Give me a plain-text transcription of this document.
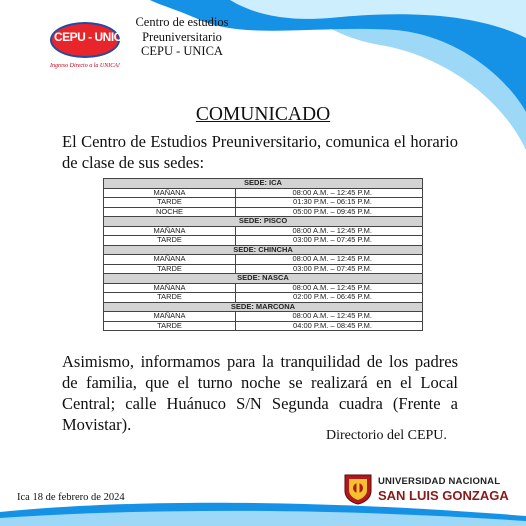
CEPU - UNICA
Ingreso Directo a la UNICA!
Centro de estudios
Preuniversitario
CEPU - UNICA
COMUNICADO
El Centro de Estudios Preuniversitario, comunica el horario de clase de sus sedes:
SEDE: ICA	
MAÑANA	08:00 A.M. – 12:45 P.M.
TARDE	01:30 P.M. – 06:15 P.M.
NOCHE	05:00 P.M. – 09:45 P.M.
SEDE: PISCO	
MAÑANA	08:00 A.M. – 12:45 P.M.
TARDE	03:00 P.M. – 07:45 P.M.
SEDE: CHINCHA	
MAÑANA	08:00 A.M. – 12:45 P.M.
TARDE	03:00 P.M. – 07:45 P.M.
SEDE: NASCA	
MAÑANA	08:00 A.M. – 12:45 P.M.
TARDE	02:00 P.M. – 06:45 P.M.
SEDE: MARCONA	
MAÑANA	08:00 A.M. – 12:45 P.M.
TARDE	04:00 P.M. – 08:45 P.M.
Asimismo, informamos para la tranquilidad de los padres de familia, que el turno noche se realizará en el Local Central; calle Huánuco S/N Segunda cuadra (Frente a Movistar).
Directorio del CEPU.
Ica 18 de febrero de 2024
UNIVERSIDAD NACIONAL
SAN LUIS GONZAGA
